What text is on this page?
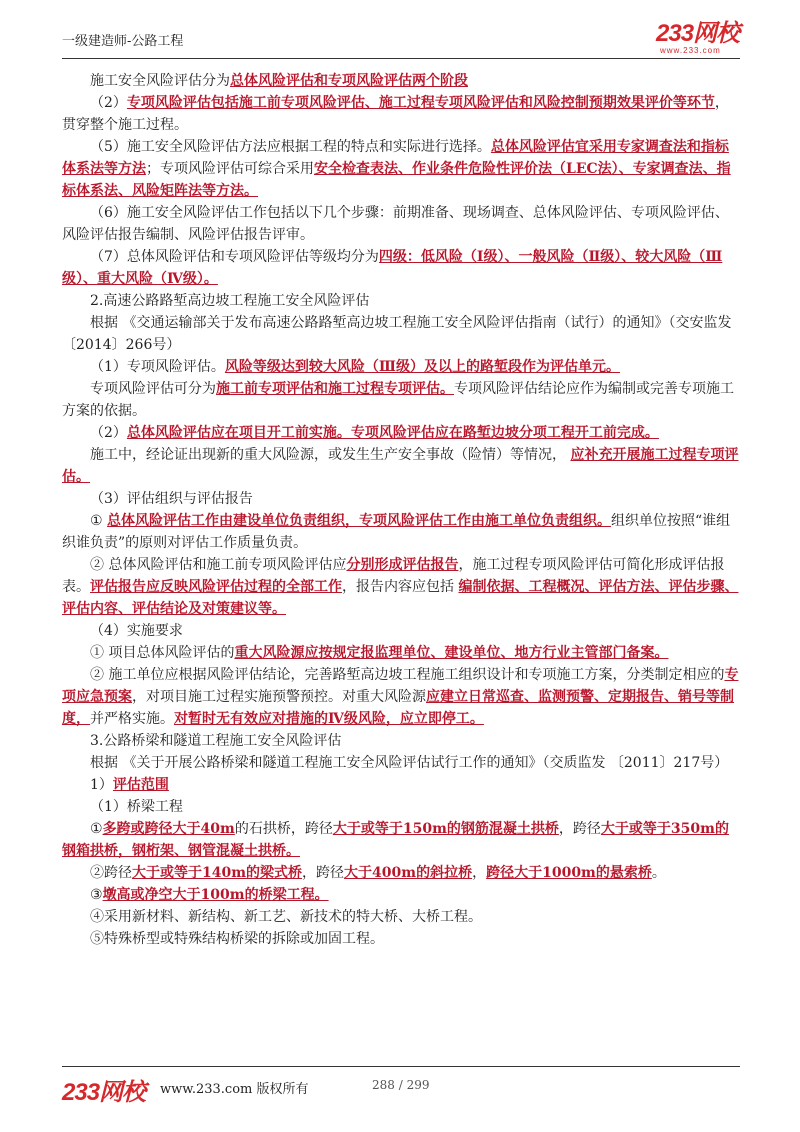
一级建造师-公路工程	233网校
www.233.com

施工安全风险评估分为总体风险评估和专项风险评估两个阶段

（2）专项风险评估包括施工前专项风险评估、施工过程专项风险评估和风险控制预期效果评价等环节，贯穿整个施工过程。

（5）施工安全风险评估方法应根据工程的特点和实际进行选择。总体风险评估宜采用专家调查法和指标体系法等方法；专项风险评估可综合采用安全检查表法、作业条件危险性评价法（LEC法）、专家调查法、指标体系法、风险矩阵法等方法。

（6）施工安全风险评估工作包括以下几个步骤：前期准备、现场调查、总体风险评估、专项风险评估、风险评估报告编制、风险评估报告评审。

（7）总体风险评估和专项风险评估等级均分为四级：低风险（Ⅰ级）、一般风险（Ⅱ级）、较大风险（Ⅲ级）、重大风险（Ⅳ级）。

2.高速公路路堑高边坡工程施工安全风险评估

根据 《交通运输部关于发布高速公路路堑高边坡工程施工安全风险评估指南（试行）的通知》（交安监发〔2014〕266号）

（1）专项风险评估。风险等级达到较大风险（Ⅲ级）及以上的路堑段作为评估单元。

专项风险评估可分为施工前专项评估和施工过程专项评估。专项风险评估结论应作为编制或完善专项施工方案的依据。

（2）总体风险评估应在项目开工前实施。专项风险评估应在路堑边坡分项工程开工前完成。

施工中，经论证出现新的重大风险源，或发生生产安全事故（险情）等情况， 应补充开展施工过程专项评估。

（3）评估组织与评估报告

① 总体风险评估工作由建设单位负责组织，专项风险评估工作由施工单位负责组织。组织单位按照“谁组织谁负责”的原则对评估工作质量负责。

② 总体风险评估和施工前专项风险评估应分别形成评估报告，施工过程专项风险评估可简化形成评估报表。评估报告应反映风险评估过程的全部工作，报告内容应包括 编制依据、工程概况、评估方法、评估步骤、评估内容、评估结论及对策建议等。

（4）实施要求

① 项目总体风险评估的重大风险源应按规定报监理单位、建设单位、地方行业主管部门备案。

② 施工单位应根据风险评估结论，完善路堑高边坡工程施工组织设计和专项施工方案，分类制定相应的专项应急预案，对项目施工过程实施预警预控。对重大风险源应建立日常巡查、监测预警、定期报告、销号等制度，并严格实施。对暂时无有效应对措施的Ⅳ级风险，应立即停工。

3.公路桥梁和隧道工程施工安全风险评估

根据 《关于开展公路桥梁和隧道工程施工安全风险评估试行工作的通知》（交质监发 〔2011〕217号）

1）评估范围

（1）桥梁工程

①多跨或跨径大于40m的石拱桥，跨径大于或等于150m的钢筋混凝土拱桥，跨径大于或等于350m的钢箱拱桥，钢桁架、钢管混凝土拱桥。

②跨径大于或等于140m的梁式桥，跨径大于400m的斜拉桥，跨径大于1000m的悬索桥。

③墩高或净空大于100m的桥梁工程。

④采用新材料、新结构、新工艺、新技术的特大桥、大桥工程。

⑤特殊桥型或特殊结构桥梁的拆除或加固工程。

233网校 www.233.com 版权所有	288 / 299
